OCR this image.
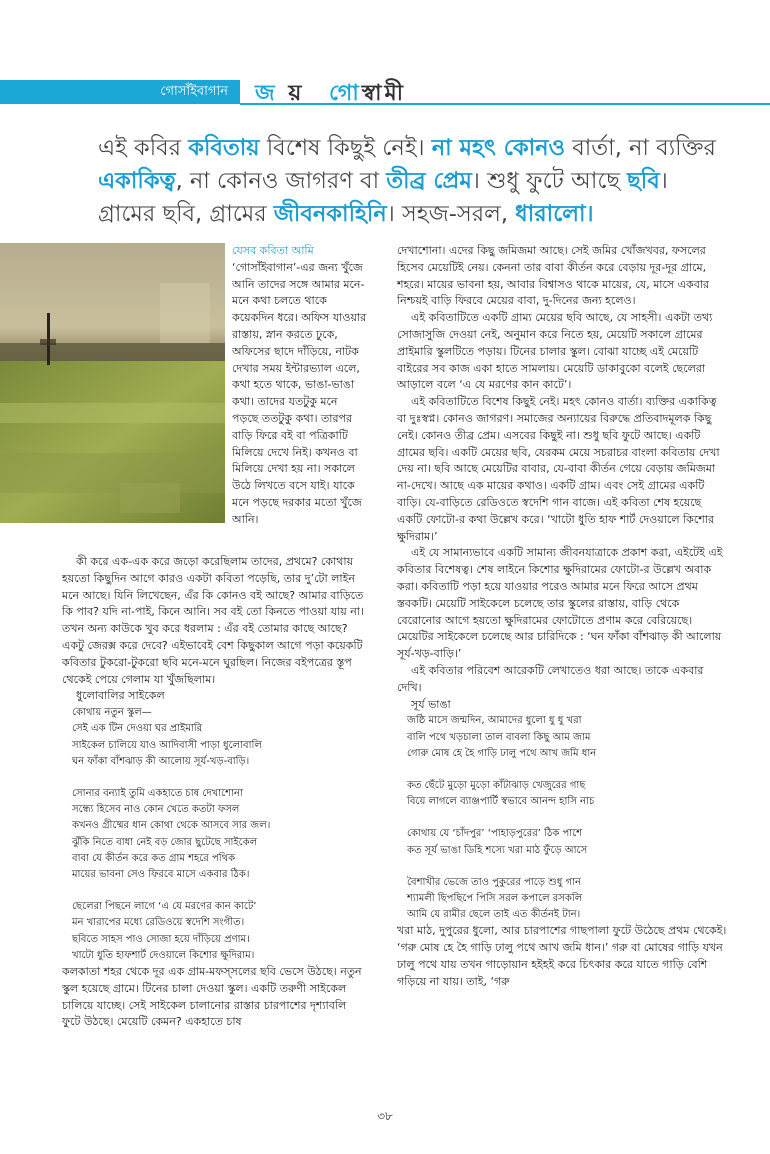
গোসাঁইবাগান	জ য় গোস্বামী
এই কবির কবিতায় বিশেষ কিছুই নেই। না মহৎ কোনও বার্তা, না ব্যক্তির একাকিত্ব, না কোনও জাগরণ বা তীব্র প্রেম। শুধু ফুটে আছে ছবি। গ্রামের ছবি, গ্রামের জীবনকাহিনি। সহজ-সরল, ধারালো।

যেসব কবিতা আমি

‘গোসাঁইবাগান’-এর জন্য খুঁজে আনি তাদের সঙ্গে আমার মনে-মনে কথা চলতে থাকে কয়েকদিন ধরে। অফিস যাওয়ার রাস্তায়, স্নান করতে ঢুকে, অফিসের ছাদে দাঁড়িয়ে, নাটক দেখার সময় ইন্টারভ্যাল এলে, কথা হতে থাকে, ভাঙা-ভাঙা কথা। তাদের যতটুকু মনে পড়ছে ততটুকু কথা। তারপর বাড়ি ফিরে বই বা পত্রিকাটি মিলিয়ে দেখে নিই। কখনও বা মিলিয়ে দেখা হয় না। সকালে উঠে লিখতে বসে যাই। যাকে মনে পড়ছে দরকার মতো খুঁজে আনি।

কী করে এক-এক করে জড়ো করেছিলাম তাদের, প্রথমে? কোথায় হয়তো কিছুদিন আগে কারও একটা কবিতা পড়েছি, তার দু’টো লাইন মনে আছে। যিনি লিখেছেন, এঁর কি কোনও বই আছে? আমার বাড়িতে কি পাব? যদি না-পাই, কিনে আনি। সব বই তো কিনতে পাওয়া যায় না। তখন অন্য কাউকে খুব করে ধরলাম : এঁর বই তোমার কাছে আছে? একটু জেরক্স করে দেবে? এইভাবেই বেশ কিছুকাল আগে পড়া কয়েকটি কবিতার টুকরো-টুকরো ছবি মনে-মনে ঘুরছিল। নিজের বইপত্রের স্তূপ থেকেই পেয়ে গেলাম যা খুঁজছিলাম।

ধুলোবালির সাইকেল

কোথায় নতুন স্কুল—
সেই এক টিন দেওয়া ঘর প্রাইমারি
সাইকেল চালিয়ে যাও আদিবাসী পাড়া ধুলোবালি
ঘন ফাঁকা বাঁশঝাড় কী আলোয় সূর্য-খড়-বাড়ি।
সোনার বন্যাই তুমি একহাতে চাষ দেখাশোনা
সন্ধ্যে হিসেব নাও কোন খেতে কতটা ফসল
কখনও গ্রীষ্মের ধান কোথা থেকে আসবে সার জল।
ঝুঁকি নিতে বাধা নেই বড় জোর ছুটেছে সাইকেল
বাবা যে কীর্তন করে কত গ্রাম শহরে পথিক
মায়ের ভাবনা সেও ফিরবে মাসে একবার ঠিক।
ছেলেরা পিছনে লাগে ‘এ যে মরণের কান কাটে’
মন খারাপের মধ্যে রেডিওয়ে স্বদেশি সংগীত।
ছবিতে সাহস পাও সোজা হয়ে দাঁড়িয়ে প্রণাম।
খাটো ধুতি হাফশার্ট দেওয়ালে কিশোর ক্ষুদিরাম।

কলকাতা শহর থেকে দূর এক গ্রাম-মফস্সলের ছবি ভেসে উঠছে। নতুন স্কুল হয়েছে গ্রামে। টিনের চালা দেওয়া স্কুল। একটি তরুণী সাইকেল চালিয়ে যাচ্ছে। সেই সাইকেল চালানোর রাস্তার চারপাশের দৃশ্যাবলি ফুটে উঠছে। মেয়েটি কেমন? একহাতে চাষ

দেখাশোনা। এদের কিছু জমিজমা আছে। সেই জমির খোঁজখবর, ফসলের হিসেব মেয়েটিই নেয়। কেননা তার বাবা কীর্তন করে বেড়ায় দূর-দূর গ্রামে, শহরে। মায়ের ভাবনা হয়, আবার বিশ্বাসও থাকে মায়ের, যে, মাসে একবার নিশ্চয়ই বাড়ি ফিরবে মেয়ের বাবা, দু-দিনের জন্য হলেও।

এই কবিতাটিতে একটি গ্রাম্য মেয়ের ছবি আছে, যে সাহসী। একটা তথ্য সোজাসুজি দেওয়া নেই, অনুমান করে নিতে হয়, মেয়েটি সকালে গ্রামের প্রাইমারি স্কুলটিতে পড়ায়। টিনের চালার স্কুল। বোঝা যাচ্ছে এই মেয়েটি বাইরের সব কাজ একা হাতে সামলায়। মেয়েটি ডাকাবুকো বলেই ছেলেরা আড়ালে বলে ‘এ যে মরণের কান কাটে’।

এই কবিতাটিতে বিশেষ কিছুই নেই। মহৎ কোনও বার্তা। ব্যক্তির একাকিত্ব বা দুঃস্বপ্ন। কোনও জাগরণ। সমাজের অন্যায়ের বিরুদ্ধে প্রতিবাদমূলক কিছু নেই। কোনও তীব্র প্রেম। এসবের কিছুই না। শুধু ছবি ফুটে আছে। একটি গ্রামের ছবি। একটি মেয়ের ছবি, যেরকম মেয়ে সচরাচর বাংলা কবিতায় দেখা দেয় না। ছবি আছে মেয়েটির বাবার, যে-বাবা কীর্তন গেয়ে বেড়ায় জমিজমা না-দেখে। আছে এক মায়ের কথাও। একটি গ্রাম। এবং সেই গ্রামের একটি বাড়ি। যে-বাড়িতে রেডিওতে স্বদেশি গান বাজে। এই কবিতা শেষ হয়েছে একটি ফোটো-র কথা উল্লেখ করে। ‘খাটো ধুতি হাফ শার্ট দেওয়ালে কিশোর ক্ষুদিরাম।’

এই যে সামান্যভাবে একটি সামান্য জীবনযাত্রাকে প্রকাশ করা, এইটেই এই কবিতার বিশেষত্ব। শেষ লাইনে কিশোর ক্ষুদিরামের ফোটো-র উল্লেখ অবাক করা। কবিতাটি পড়া হয়ে যাওয়ার পরেও আমার মনে ফিরে আসে প্রথম স্তবকটি। মেয়েটি সাইকেলে চলেছে তার স্কুলের রাস্তায়, বাড়ি থেকে বেরোনোর আগে হয়তো ক্ষুদিরামের ফোটোতে প্রণাম করে বেরিয়েছে। মেয়েটির সাইকেলে চলেছে আর চারিদিকে : ‘ঘন ফাঁকা বাঁশঝাড় কী আলোয় সূর্য-খড়-বাড়ি।’

এই কবিতার পরিবেশ আরেকটি লেখাতেও ধরা আছে। তাকে একবার দেখি।

সূর্য ভাঙা

জষ্ঠি মাসে জন্মদিন, আমাদের ধুলো ধু ধু খরা
বালি পথে খড়চালা তাল বাবলা কিছু আম জাম
গোরু মোষ হে হৈ গাড়ি ঢালু পথে আখ জমি ধান
কত ছেঁটে মুড়ো মুড়ো কাঁটাঝাড় খেজুরের গাছ
বিয়ে লাগলে ব্যাঞ্জপার্টি স্বভাবে আনন্দ হাসি নাচ
কোথায় যে ‘চাঁদপুর’ ‘পাহাড়পুরের’ ঠিক পাশে
কত সূর্য ভাঙা ডিহি শস্যে খরা মাঠ ফুঁড়ে আসে
বৈশাখীর ভেজে তাও পুকুরের পাড়ে শুধু গান
শ্যামলী ছিপছিপে পিসি সরল কপালে রসকলি
আমি যে রামীর ছেলে তাই এত কীর্তনই টান।

খরা মাঠ, দুপুরের ধুলো, আর চারপাশের গাছপালা ফুটে উঠেছে প্রথম থেকেই। ‘গরু মোষ হে হৈ গাড়ি ঢালু পথে আখ জমি ধান।’ গরু বা মোষের গাড়ি যখন ঢালু পথে যায় তখন গাড়োয়ান হইহই করে চিৎকার করে যাতে গাড়ি বেশি গড়িয়ে না যায়। তাই, ‘গরু

৩৮
